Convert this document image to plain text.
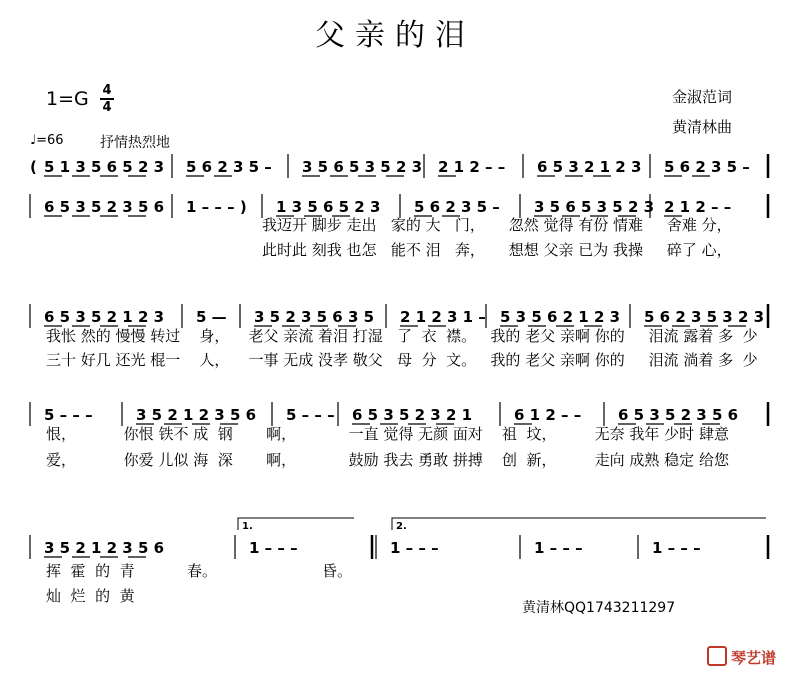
父亲的泪
1=G 4
4
金淑范词
黄清林曲
♩=66	抒情热烈地
( 5 1 3 5 6 5 2 3 5 6 2 3 5 – 3 5 6 5 3 5 2 3 2 1 2 – – 6 5 3 2 1 2 3 5 6 2 3 5 –
6 5 3 5 2 3 5 6 1 – – – ) 1 3 5 6 5 2 3 5 6 2 3 5 – 3 5 6 5 3 5 2 3 2 1 2 – –
6 5 3 5 2 1 2 3 5 — 3 5 2 3 5 6 3 5 2 1 2 3 1 – 5 3 5 6 2 1 2 3 5 6 2 3 5 3 2 3
5 – – –	3 5 2 1 2 3 5 6 5 – – – 6 5 3 5 2 3 2 1	6 1 2 – – 6 5 3 5 2 3 5 6
3 5 2 1 2 3 5 6	1 – – –	1 – – –	1 – – –	1 – – –
1.	2.
我迈开 脚步 走出   家的 大   门，     忽然 觉得 有份 情难     舍难 分，
此时此 刻我 也怎   能不 泪   奔，     想想 父亲 已为 我操     碎了 心，
我怅 然的 慢慢 转过    身，    老父 亲流 着泪 打湿   了  衣  襟。   我的 老父 亲啊 你的     泪流 露着 多  少
三十 好几 还光 棍一    人，    一事 无成 没孝 敬父   母  分  文。   我的 老父 亲啊 你的     泪流 淌着 多  少
恨，          你恨 铁不 成  钢       啊，           一直 觉得 无颜 面对    祖  坟，        无奈 我年 少时 肆意
爱，          你爱 儿似 海  深       啊，           鼓励 我去 勇敢 拼搏    创  新，        走向 成熟 稳定 给您
挥  霍  的  青           春。                      昏。
灿  烂  的  黄
黄清林QQ1743211297
琴艺谱
